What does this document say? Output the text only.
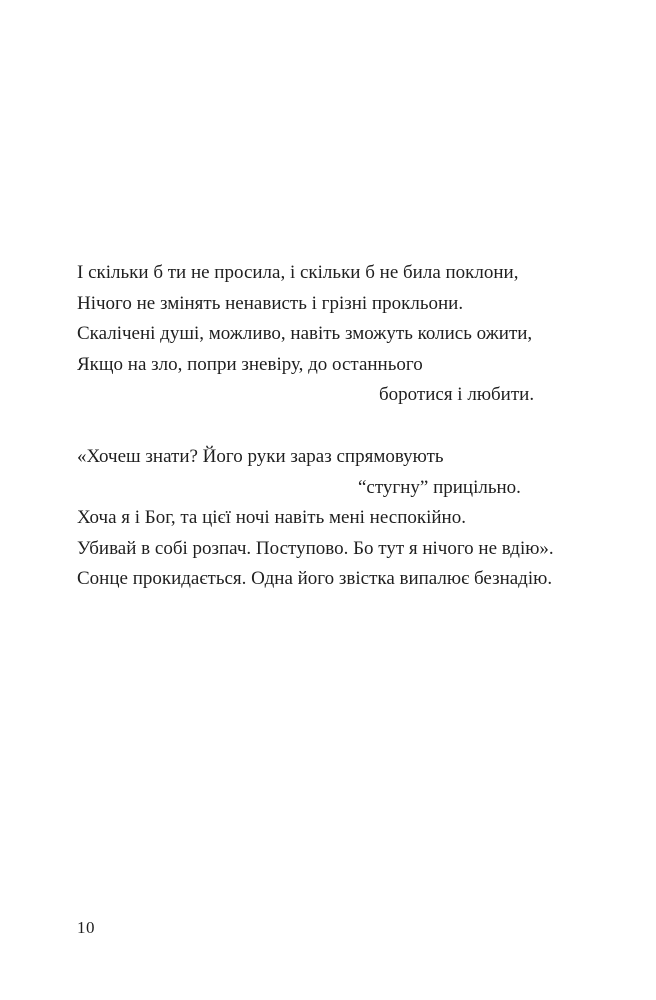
І скільки б ти не просила, і скільки б не била поклони,
Нічого не змінять ненависть і грізні прокльони.
Скалічені душі, можливо, навіть зможуть колись ожити,
Якщо на зло, попри зневіру, до останнього
боротися і любити.

«Хочеш знати? Його руки зараз спрямовують
“стугну” прицільно.
Хоча я і Бог, та цієї ночі навіть мені неспокійно.
Убивай в собі розпач. Поступово. Бо тут я нічого не вдію».
Сонце прокидається. Одна його звістка випалює безнадію.

10
